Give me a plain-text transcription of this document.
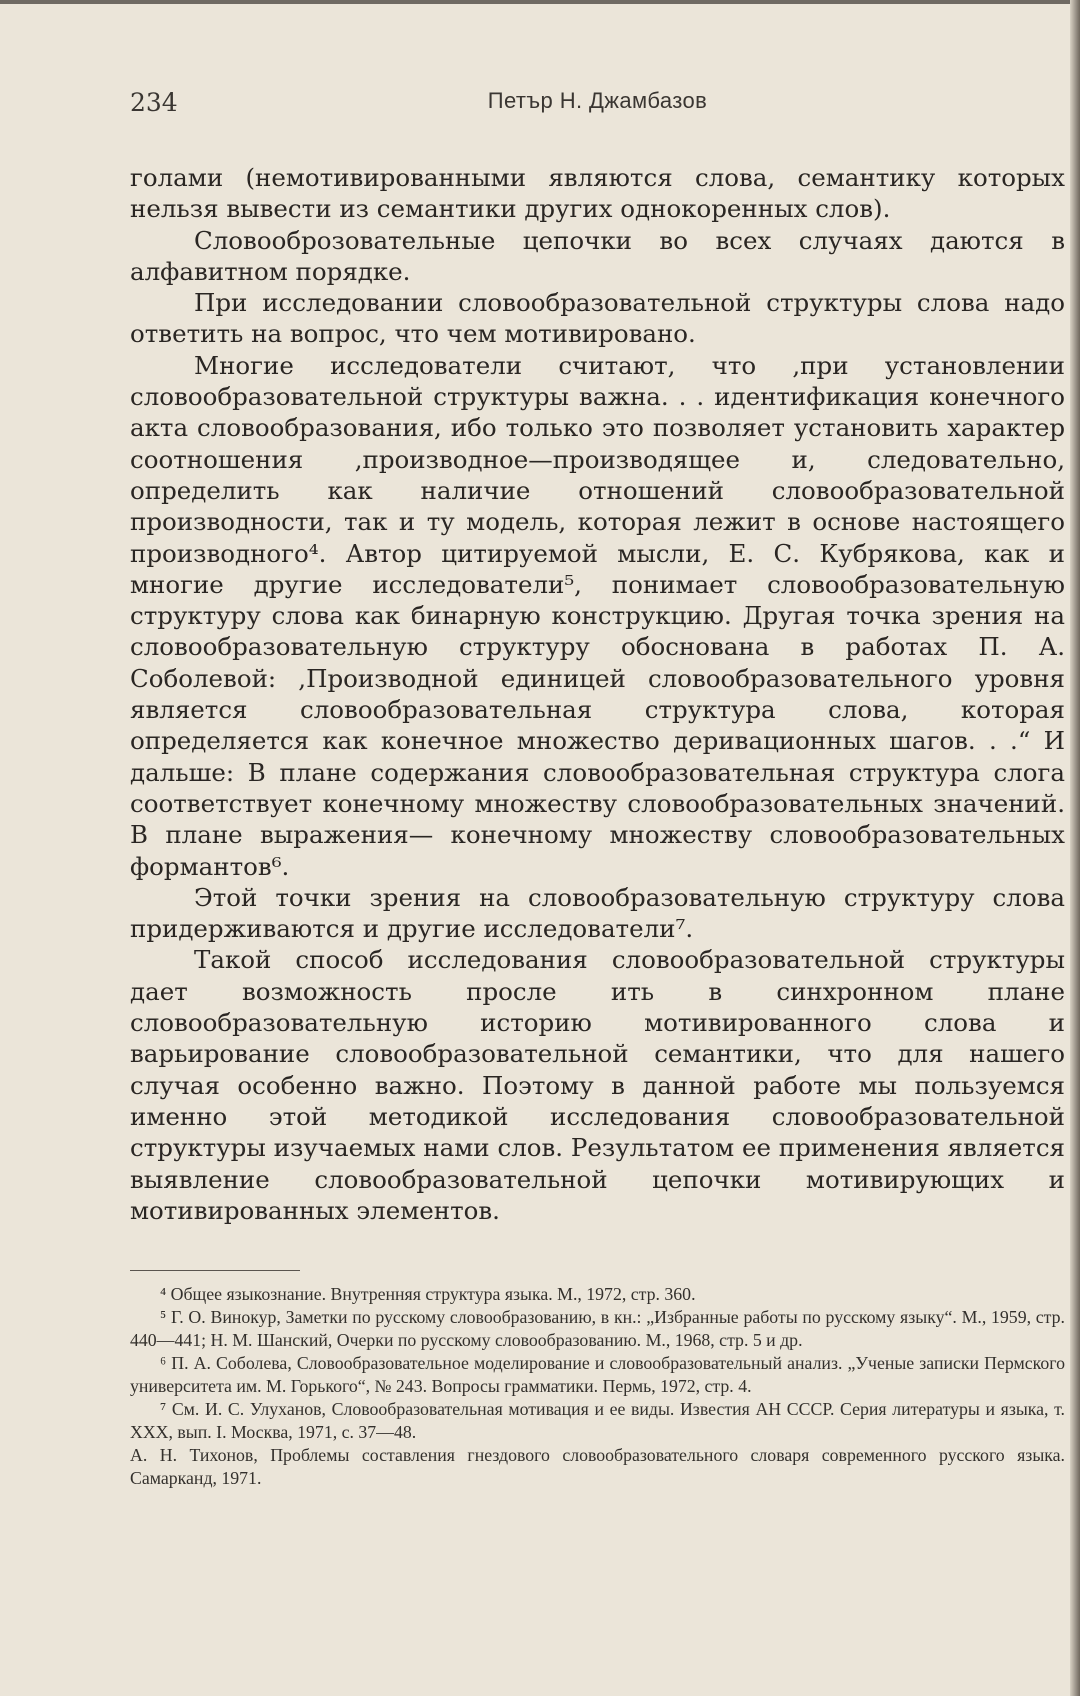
234	Петър Н. Джамбазов

голами (немотивированными являются слова, семантику которых нельзя вывести из семантики других однокоренных слов).

Словооброзовательные цепочки во всех случаях даются в алфавитном порядке.

При исследовании словообразовательной структуры слова надо ответить на вопрос, что чем мотивировано.

Многие исследователи считают, что ,при установлении словообразовательной структуры важна. . . идентификация конечного акта словообразования, ибо только это позволяет установить характер соотношения ,производное—производящее и, следовательно, определить как наличие отношений словообразовательной производности, так и ту модель, которая лежит в основе настоящего производного⁴. Автор цитируемой мысли, Е. С. Кубрякова, как и многие другие исследователи⁵, понимает словообразовательную структуру слова как бинарную конструкцию. Другая точка зрения на словообразовательную структуру обоснована в работах П. А. Соболевой: ,Производной единицей словообразовательного уровня является словообразовательная структура слова, которая определяется как конечное множество деривационных шагов. . .“ И дальше: В плане содержания словообразовательная структура слога соответствует конечному множеству словообразовательных значений. В плане выражения— конечному множеству словообразовательных формантов⁶.

Этой точки зрения на словообразовательную структуру слова придерживаются и другие исследователи⁷.

Такой способ исследования словообразовательной структуры дает возможность просле ить в синхронном плане словообразовательную историю мотивированного слова и варьирование словообразовательной семантики, что для нашего случая особенно важно. Поэтому в данной работе мы пользуемся именно этой методикой исследования словообразовательной структуры изучаемых нами слов. Результатом ее применения является выявление словообразовательной цепочки мотивирующих и мотивированных элементов.

⁴ Общее языкознание. Внутренняя структура языка. М., 1972, стр. 360.

⁵ Г. О. Винокур, Заметки по русскому словообразованию, в кн.: „Избранные работы по русскому языку“. М., 1959, стр. 440—441; Н. М. Шанский, Очерки по русскому словообразованию. М., 1968, стр. 5 и др.

⁶ П. А. Соболева, Словообразовательное моделирование и словообразовательный анализ. „Ученые записки Пермского университета им. М. Горького“, № 243. Вопросы грамматики. Пермь, 1972, стр. 4.

⁷ См. И. С. Улуханов, Словообразовательная мотивация и ее виды. Известия АН СССР. Серия литературы и языка, т. XXX, вып. I. Москва, 1971, с. 37—48.

А. Н. Тихонов, Проблемы составления гнездового словообразовательного словаря современного русского языка. Самарканд, 1971.
